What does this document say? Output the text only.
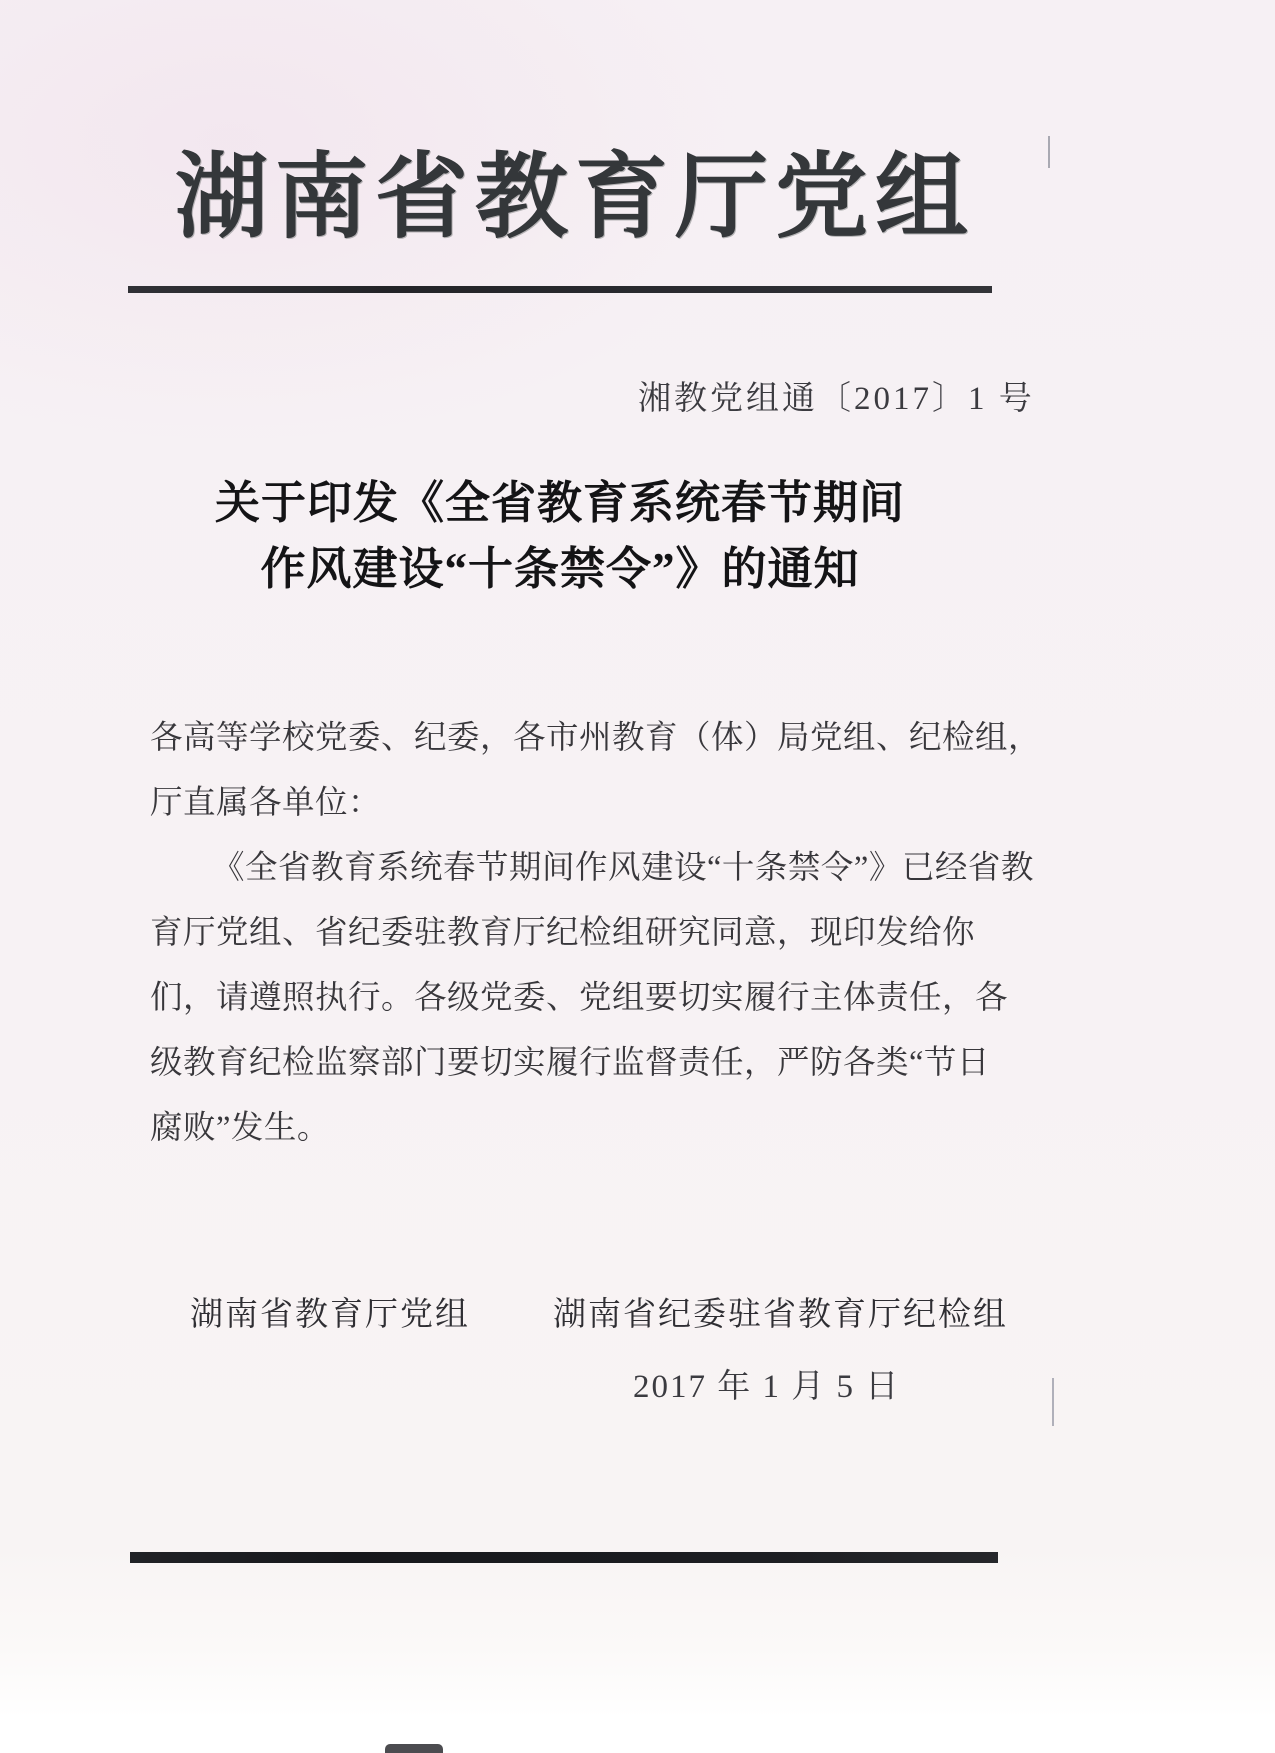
湖南省教育厅党组
湘教党组通〔2017〕1 号
关于印发《全省教育系统春节期间
作风建设“十条禁令”》的通知
各高等学校党委、纪委，各市州教育（体）局党组、纪检组，
厅直属各单位：
《全省教育系统春节期间作风建设“十条禁令”》已经省教
育厅党组、省纪委驻教育厅纪检组研究同意，现印发给你
们，请遵照执行。各级党委、党组要切实履行主体责任，各
级教育纪检监察部门要切实履行监督责任，严防各类“节日
腐败”发生。
湖南省教育厅党组	湖南省纪委驻省教育厅纪检组
2017 年 1 月 5 日
